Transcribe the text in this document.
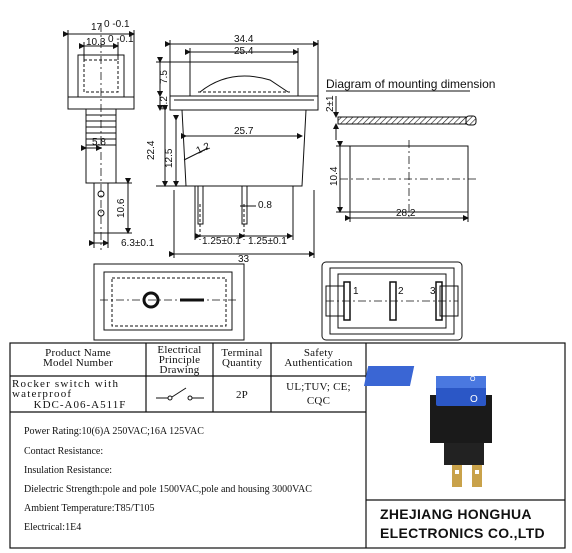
17 0 -0.1
10.3 0 -0.1
5.8
10.6
6.3±0.1
34.4
25.4
7.5
5.2
22.4 12.5
25.7
1.2
0.8
1.25±0.1 1.25±0.1
33
Diagram of mounting dimension
2±1
10.4
28.2
1	2	3
O
O
Product Name
Model Number
Electrical
Principle
Drawing
Terminal
Quantity
Safety
Authentication
Rocker switch with
waterproof
KDC-A06-A511F
2P
UL;TUV; CE;
CQC
Power Rating:10(6)A 250VAC;16A 125VAC
Contact Resistance:
Insulation Resistance:
Dielectric Strength:pole and pole 1500VAC,pole and housing 3000VAC
Ambient Temperature:T85/T105
Electrical:1E4
ZHEJIANG HONGHUA
ELECTRONICS CO.,LTD
